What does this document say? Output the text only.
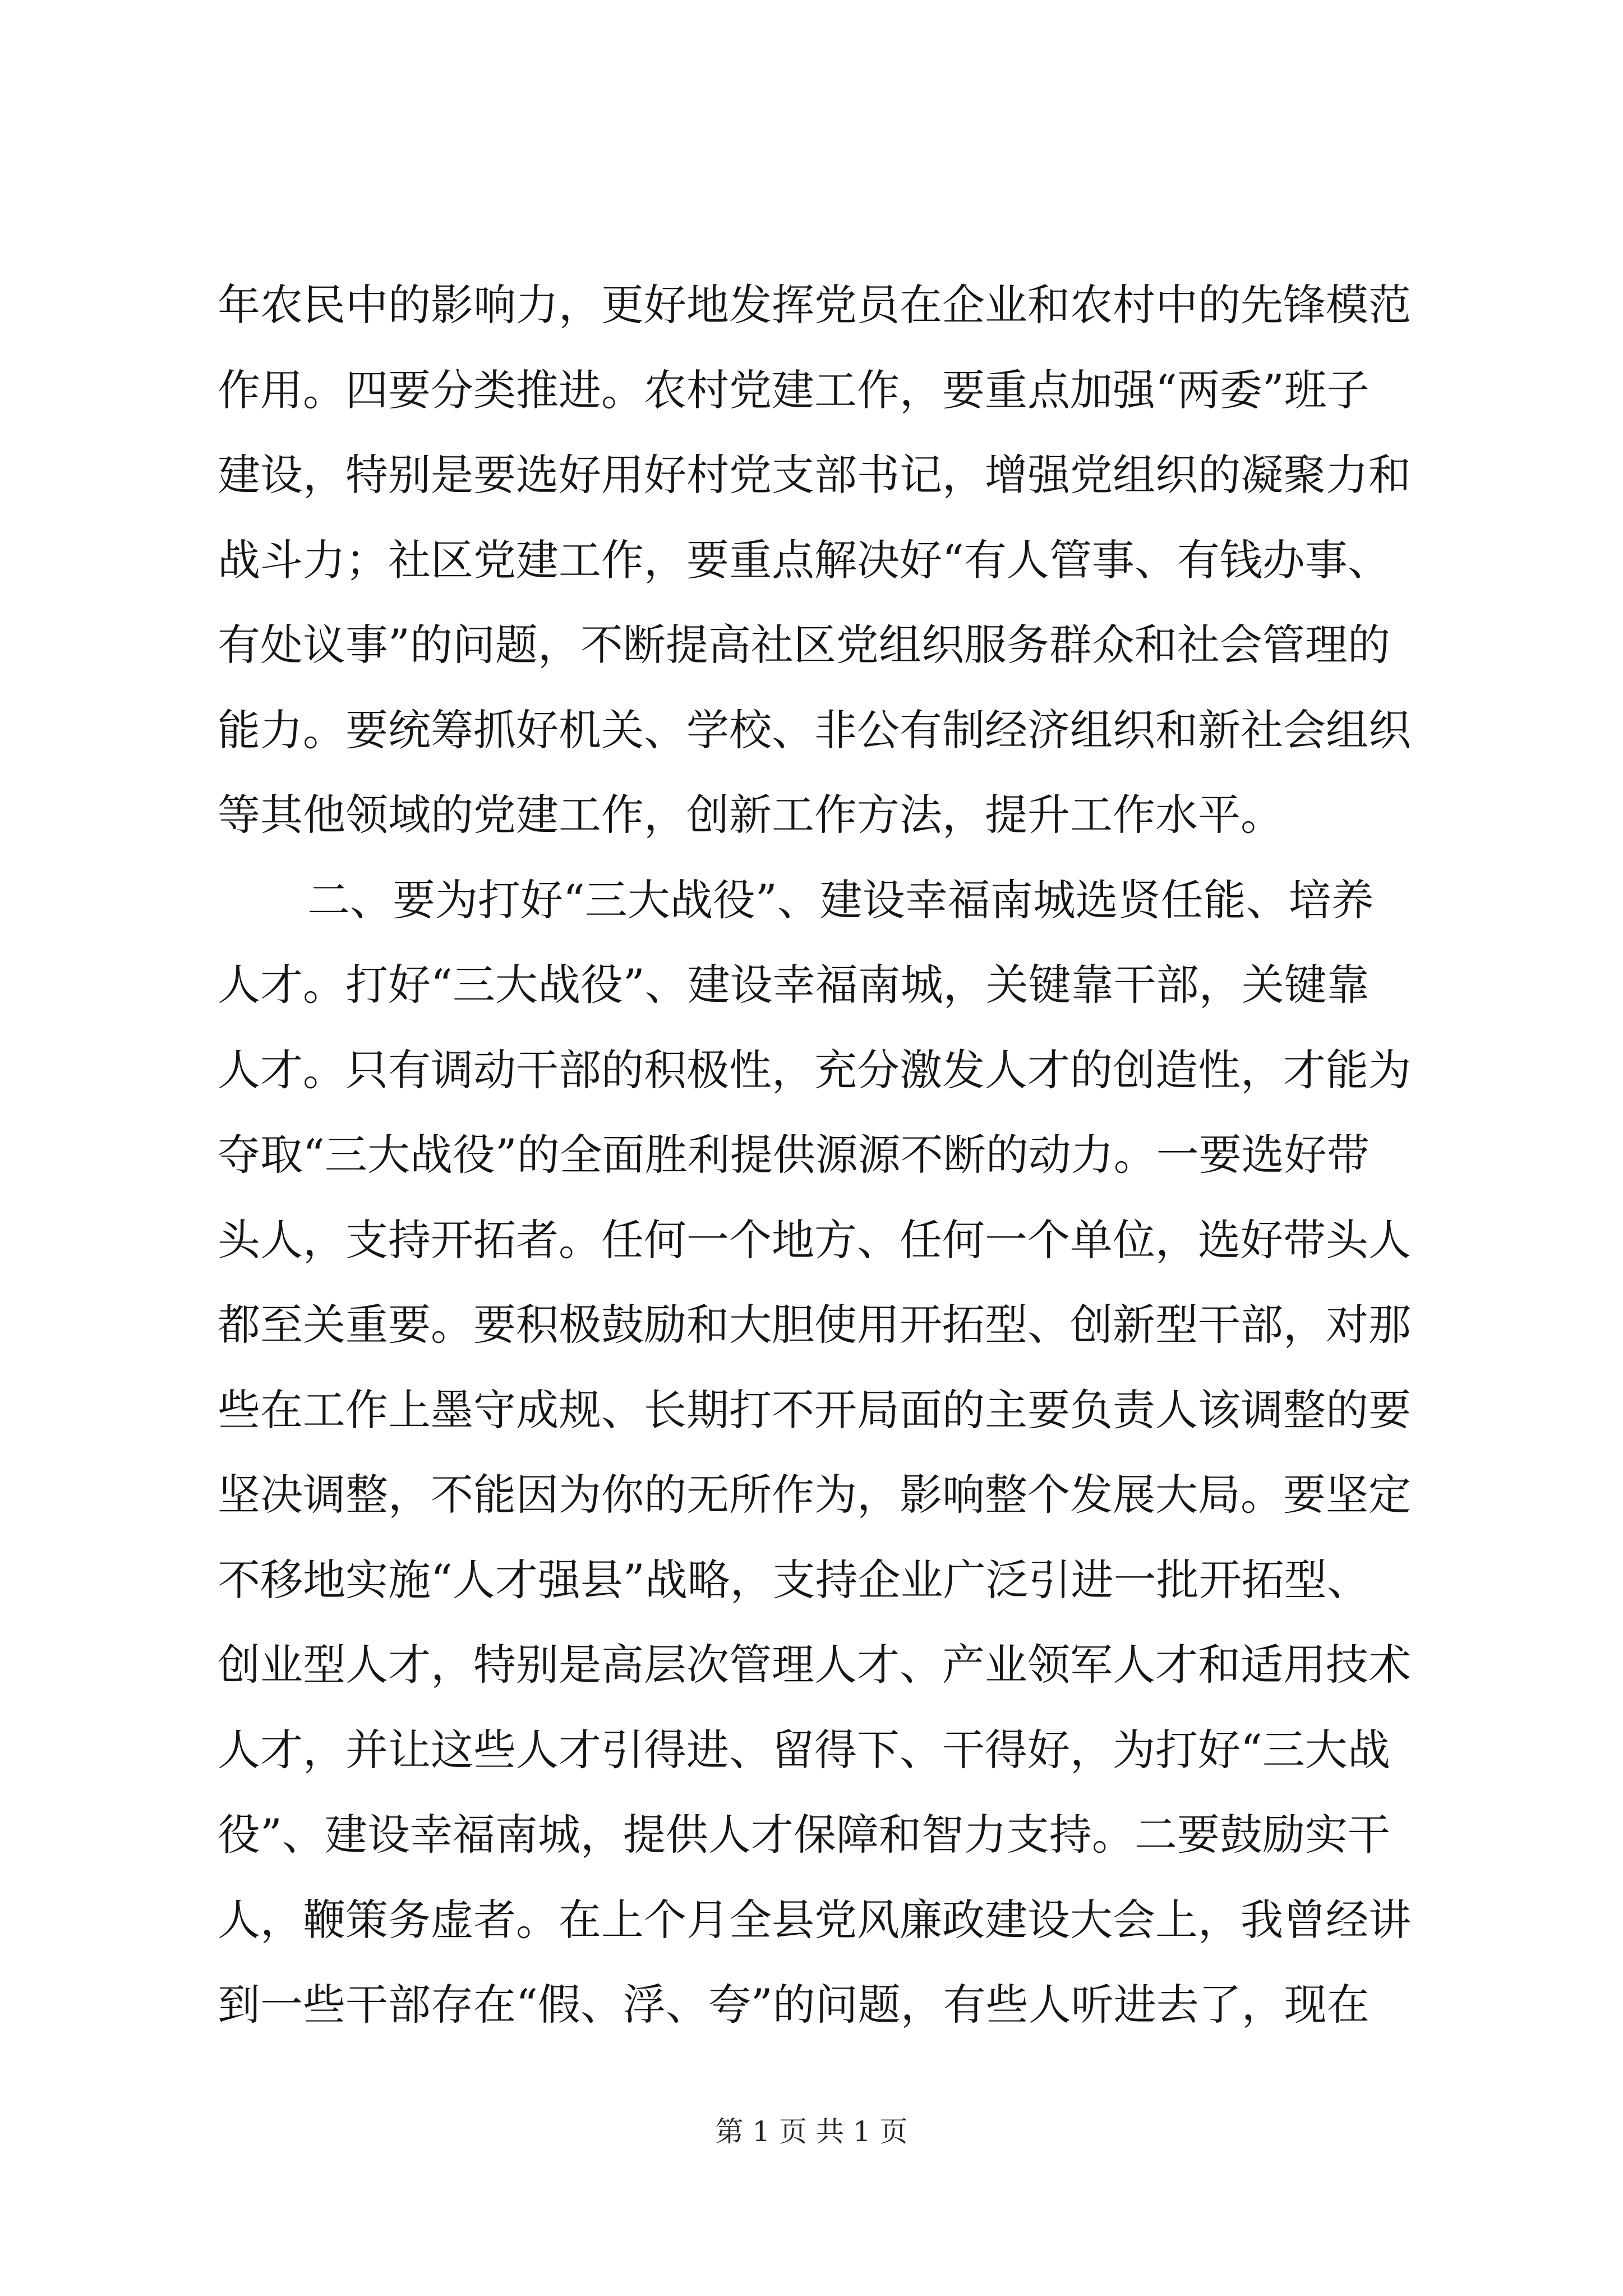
年农民中的影响力，更好地发挥党员在企业和农村中的先锋模范
作用。四要分类推进。农村党建工作，要重点加强“两委”班子
建设，特别是要选好用好村党支部书记，增强党组织的凝聚力和
战斗力；社区党建工作，要重点解决好“有人管事、有钱办事、
有处议事”的问题，不断提高社区党组织服务群众和社会管理的
能力。要统筹抓好机关、学校、非公有制经济组织和新社会组织
等其他领域的党建工作，创新工作方法，提升工作水平。
二、要为打好“三大战役”、建设幸福南城选贤任能、培养
人才。打好“三大战役”、建设幸福南城，关键靠干部，关键靠
人才。只有调动干部的积极性，充分激发人才的创造性，才能为
夺取“三大战役”的全面胜利提供源源不断的动力。一要选好带
头人，支持开拓者。任何一个地方、任何一个单位，选好带头人
都至关重要。要积极鼓励和大胆使用开拓型、创新型干部，对那
些在工作上墨守成规、长期打不开局面的主要负责人该调整的要
坚决调整，不能因为你的无所作为，影响整个发展大局。要坚定
不移地实施“人才强县”战略，支持企业广泛引进一批开拓型、
创业型人才，特别是高层次管理人才、产业领军人才和适用技术
人才，并让这些人才引得进、留得下、干得好，为打好“三大战
役”、建设幸福南城，提供人才保障和智力支持。二要鼓励实干
人，鞭策务虚者。在上个月全县党风廉政建设大会上，我曾经讲
到一些干部存在“假、浮、夸”的问题，有些人听进去了，现在
第 1 页 共 1 页
